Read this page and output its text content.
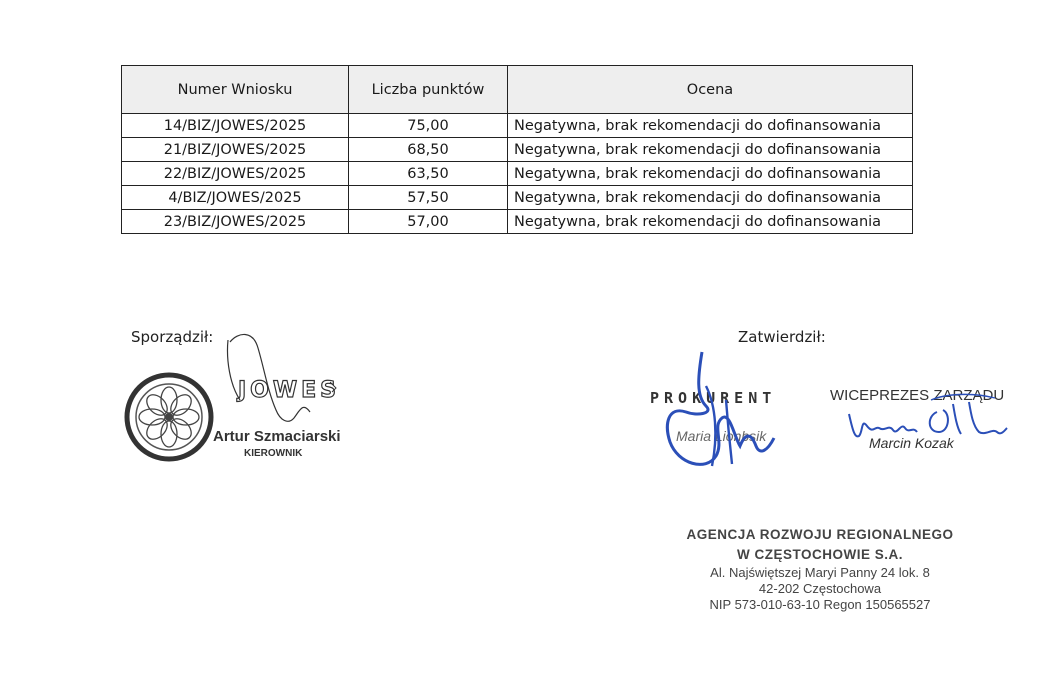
Numer Wniosku	Liczba punktów	Ocena
14/BIZ/JOWES/2025	75,00	Negatywna, brak rekomendacji do dofinansowania
21/BIZ/JOWES/2025	68,50	Negatywna, brak rekomendacji do dofinansowania
22/BIZ/JOWES/2025	63,50	Negatywna, brak rekomendacji do dofinansowania
4/BIZ/JOWES/2025	57,50	Negatywna, brak rekomendacji do dofinansowania
23/BIZ/JOWES/2025	57,00	Negatywna, brak rekomendacji do dofinansowania
Sporządził:	Zatwierdził:
JOWES
Artur Szmaciarski
KIEROWNIK
PROKURENT
Maria Lionbsik
WICEPREZES ZARZĄDU
Marcin Kozak
AGENCJA ROZWOJU REGIONALNEGO
W CZĘSTOCHOWIE S.A.
Al. Najświętszej Maryi Panny 24 lok. 8
42-202 Częstochowa
NIP 573-010-63-10 Regon 150565527
